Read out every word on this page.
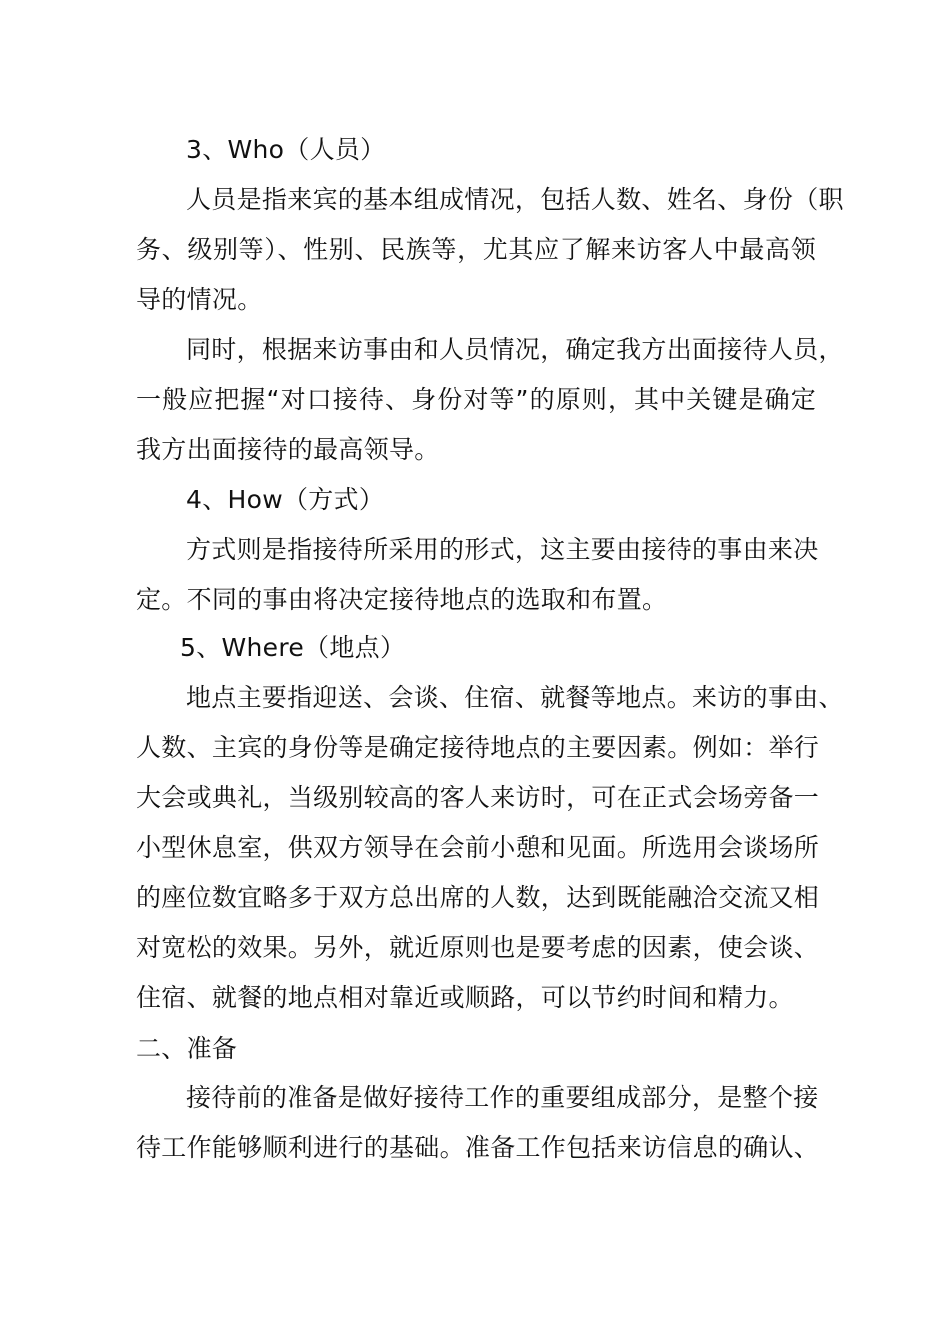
3、Who（人员）
人员是指来宾的基本组成情况，包括人数、姓名、身份（职
务、级别等）、性别、民族等，尤其应了解来访客人中最高领
导的情况。
同时，根据来访事由和人员情况，确定我方出面接待人员，
一般应把握“对口接待、身份对等”的原则，其中关键是确定
我方出面接待的最高领导。
4、How（方式）
方式则是指接待所采用的形式，这主要由接待的事由来决
定。不同的事由将决定接待地点的选取和布置。
5、Where（地点）
地点主要指迎送、会谈、住宿、就餐等地点。来访的事由、
人数、主宾的身份等是确定接待地点的主要因素。例如：举行
大会或典礼，当级别较高的客人来访时，可在正式会场旁备一
小型休息室，供双方领导在会前小憩和见面。所选用会谈场所
的座位数宜略多于双方总出席的人数，达到既能融洽交流又相
对宽松的效果。另外，就近原则也是要考虑的因素，使会谈、
住宿、就餐的地点相对靠近或顺路，可以节约时间和精力。
二、准备
接待前的准备是做好接待工作的重要组成部分，是整个接
待工作能够顺利进行的基础。准备工作包括来访信息的确认、
